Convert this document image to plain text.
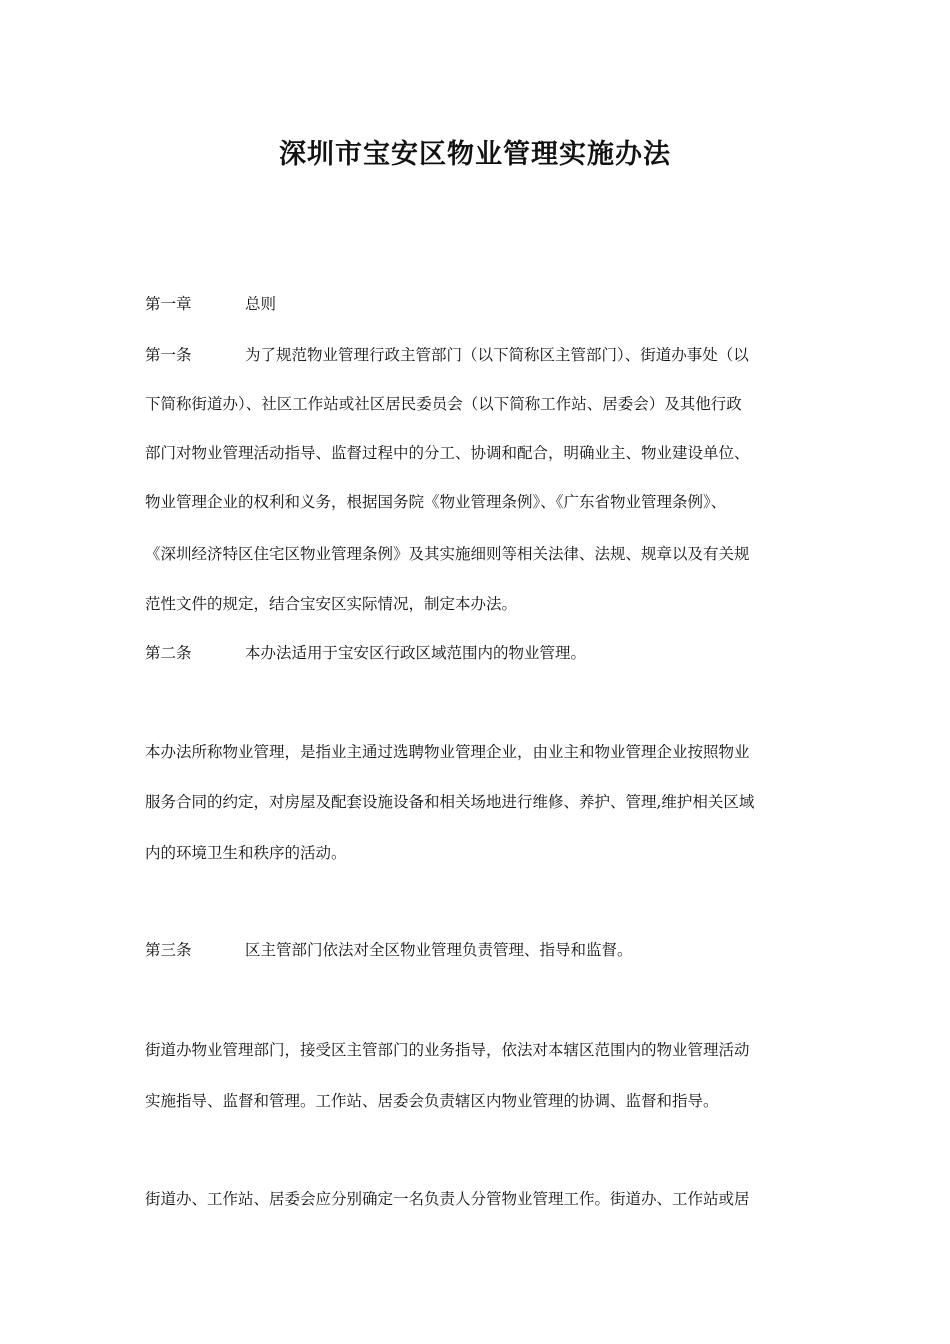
深圳市宝安区物业管理实施办法
第一章	总则
第一条	为了规范物业管理行政主管部门（以下简称区主管部门）、街道办事处（以
下简称街道办）、社区工作站或社区居民委员会（以下简称工作站、居委会）及其他行政
部门对物业管理活动指导、监督过程中的分工、协调和配合，明确业主、物业建设单位、
物业管理企业的权利和义务，根据国务院《物业管理条例》、《广东省物业管理条例》、
《深圳经济特区住宅区物业管理条例》及其实施细则等相关法律、法规、规章以及有关规
范性文件的规定，结合宝安区实际情况，制定本办法。
第二条	本办法适用于宝安区行政区域范围内的物业管理。
本办法所称物业管理，是指业主通过选聘物业管理企业，由业主和物业管理企业按照物业
服务合同的约定，对房屋及配套设施设备和相关场地进行维修、养护、管理,维护相关区域
内的环境卫生和秩序的活动。
第三条	区主管部门依法对全区物业管理负责管理、指导和监督。
街道办物业管理部门，接受区主管部门的业务指导，依法对本辖区范围内的物业管理活动
实施指导、监督和管理。工作站、居委会负责辖区内物业管理的协调、监督和指导。
街道办、工作站、居委会应分别确定一名负责人分管物业管理工作。街道办、工作站或居
